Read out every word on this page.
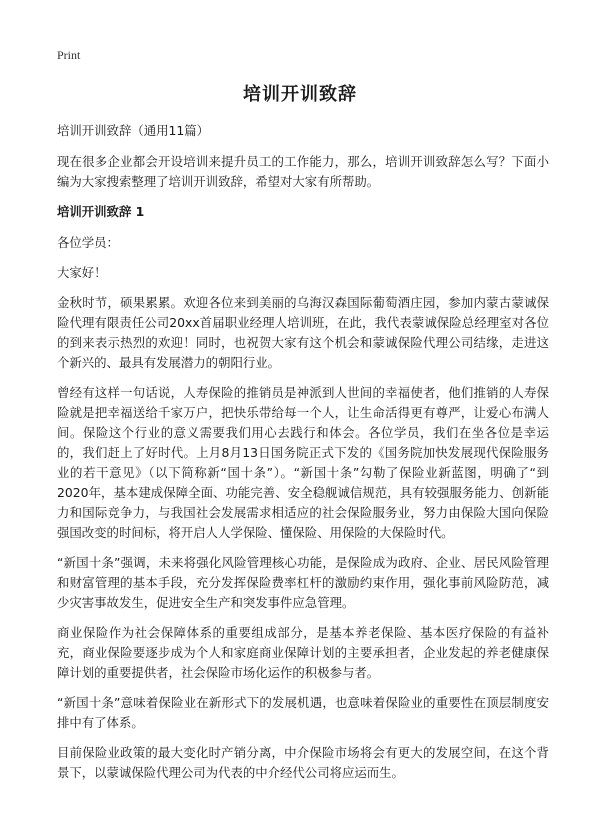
Print
培训开训致辞

培训开训致辞（通用11篇）

现在很多企业都会开设培训来提升员工的工作能力，那么，培训开训致辞怎么写？下面小编为大家搜索整理了培训开训致辞，希望对大家有所帮助。

培训开训致辞 1

各位学员：

大家好！

金秋时节，硕果累累。欢迎各位来到美丽的乌海汉森国际葡萄酒庄园，参加内蒙古蒙诚保险代理有限责任公司20xx首届职业经理人培训班，在此，我代表蒙诚保险总经理室对各位的到来表示热烈的欢迎！同时，也祝贺大家有这个机会和蒙诚保险代理公司结缘，走进这个新兴的、最具有发展潜力的朝阳行业。

曾经有这样一句话说，人寿保险的推销员是神派到人世间的幸福使者，他们推销的人寿保险就是把幸福送给千家万户，把快乐带给每一个人，让生命活得更有尊严，让爱心布满人间。保险这个行业的意义需要我们用心去践行和体会。各位学员，我们在坐各位是幸运的，我们赶上了好时代。上月8月13日国务院正式下发的《国务院加快发展现代保险服务业的若干意见》（以下简称新“国十条”）。“新国十条”勾勒了保险业新蓝图，明确了“到2020年，基本建成保障全面、功能完善、安全稳舰诚信规范，具有较强服务能力、创新能力和国际竞争力，与我国社会发展需求相适应的社会保险服务业，努力由保险大国向保险强国改变的时间标，将开启人人学保险、懂保险、用保险的大保险时代。

“新国十条”强调，未来将强化风险管理核心功能，是保险成为政府、企业、居民风险管理和财富管理的基本手段，充分发挥保险费率杠杆的激励约束作用，强化事前风险防范，减少灾害事故发生，促进安全生产和突发事件应急管理。

商业保险作为社会保障体系的重要组成部分，是基本养老保险、基本医疗保险的有益补充，商业保险要逐步成为个人和家庭商业保障计划的主要承担者，企业发起的养老健康保障计划的重要提供者，社会保险市场化运作的积极参与者。

“新国十条”意味着保险业在新形式下的发展机遇，也意味着保险业的重要性在顶层制度安排中有了体系。

目前保险业政策的最大变化时产销分离，中介保险市场将会有更大的发展空间，在这个背景下，以蒙诚保险代理公司为代表的中介经代公司将应运而生。
